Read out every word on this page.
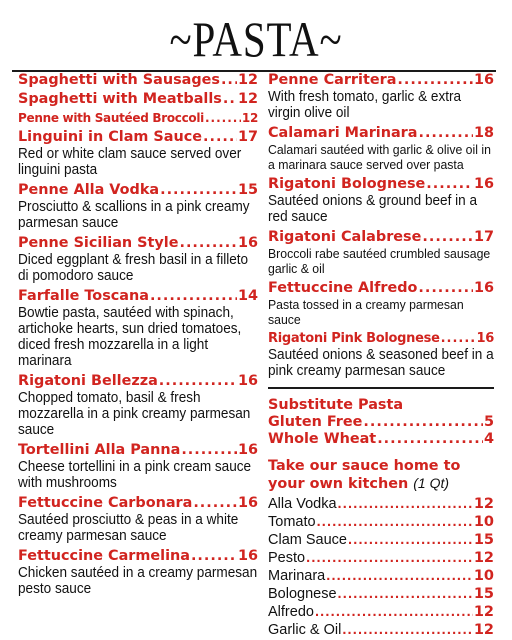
~PASTA~
Spaghetti with Sausages ..... 12
Spaghetti with Meatballs ..... 12
Penne with Sautéed Broccoli .....	12
Linguini in Clam Sauce ..... 17
Red or white clam sauce served over linguini pasta
Penne Alla Vodka .....	15
Prosciutto & scallions in a pink creamy parmesan sauce
Penne Sicilian Style .....	16
Diced eggplant & fresh basil in a filleto di pomodoro sauce
Farfalle Toscana .....	14
Bowtie pasta, sautéed with spinach, artichoke hearts, sun dried tomatoes, diced fresh mozzarella in a light marinara
Rigatoni Bellezza .....	16
Chopped tomato, basil & fresh mozzarella in a pink creamy parmesan sauce
Tortellini Alla Panna .....	16
Cheese tortellini in a pink cream sauce with mushrooms
Fettuccine Carbonara .....	16
Sautéed prosciutto & peas in a white creamy parmesan sauce
Fettuccine Carmelina .....	16
Chicken sautéed in a creamy parmesan pesto sauce
Penne Carritera .....	16
With fresh tomato, garlic & extra virgin olive oil
Calamari Marinara .....	18
Calamari sautéed with garlic & olive oil in a marinara sauce served over pasta
Rigatoni Bolognese .....	16
Sautéed onions & ground beef in a red sauce
Rigatoni Calabrese .....	17
Broccoli rabe sautéed crumbled sausage garlic & oil
Fettuccine Alfredo .....	16
Pasta tossed in a creamy parmesan sauce
Rigatoni Pink Bolognese .....	16
Sautéed onions & seasoned beef in a pink creamy parmesan sauce
Substitute Pasta
Gluten Free .....	5
Whole Wheat .....	4
Take our sauce home to
your own kitchen (1 Qt)
Alla Vodka .....	12
Tomato .....	10
Clam Sauce .....	15
Pesto .....	12
Marinara .....	10
Bolognese .....	15
Alfredo .....	12
Garlic & Oil .....	12
